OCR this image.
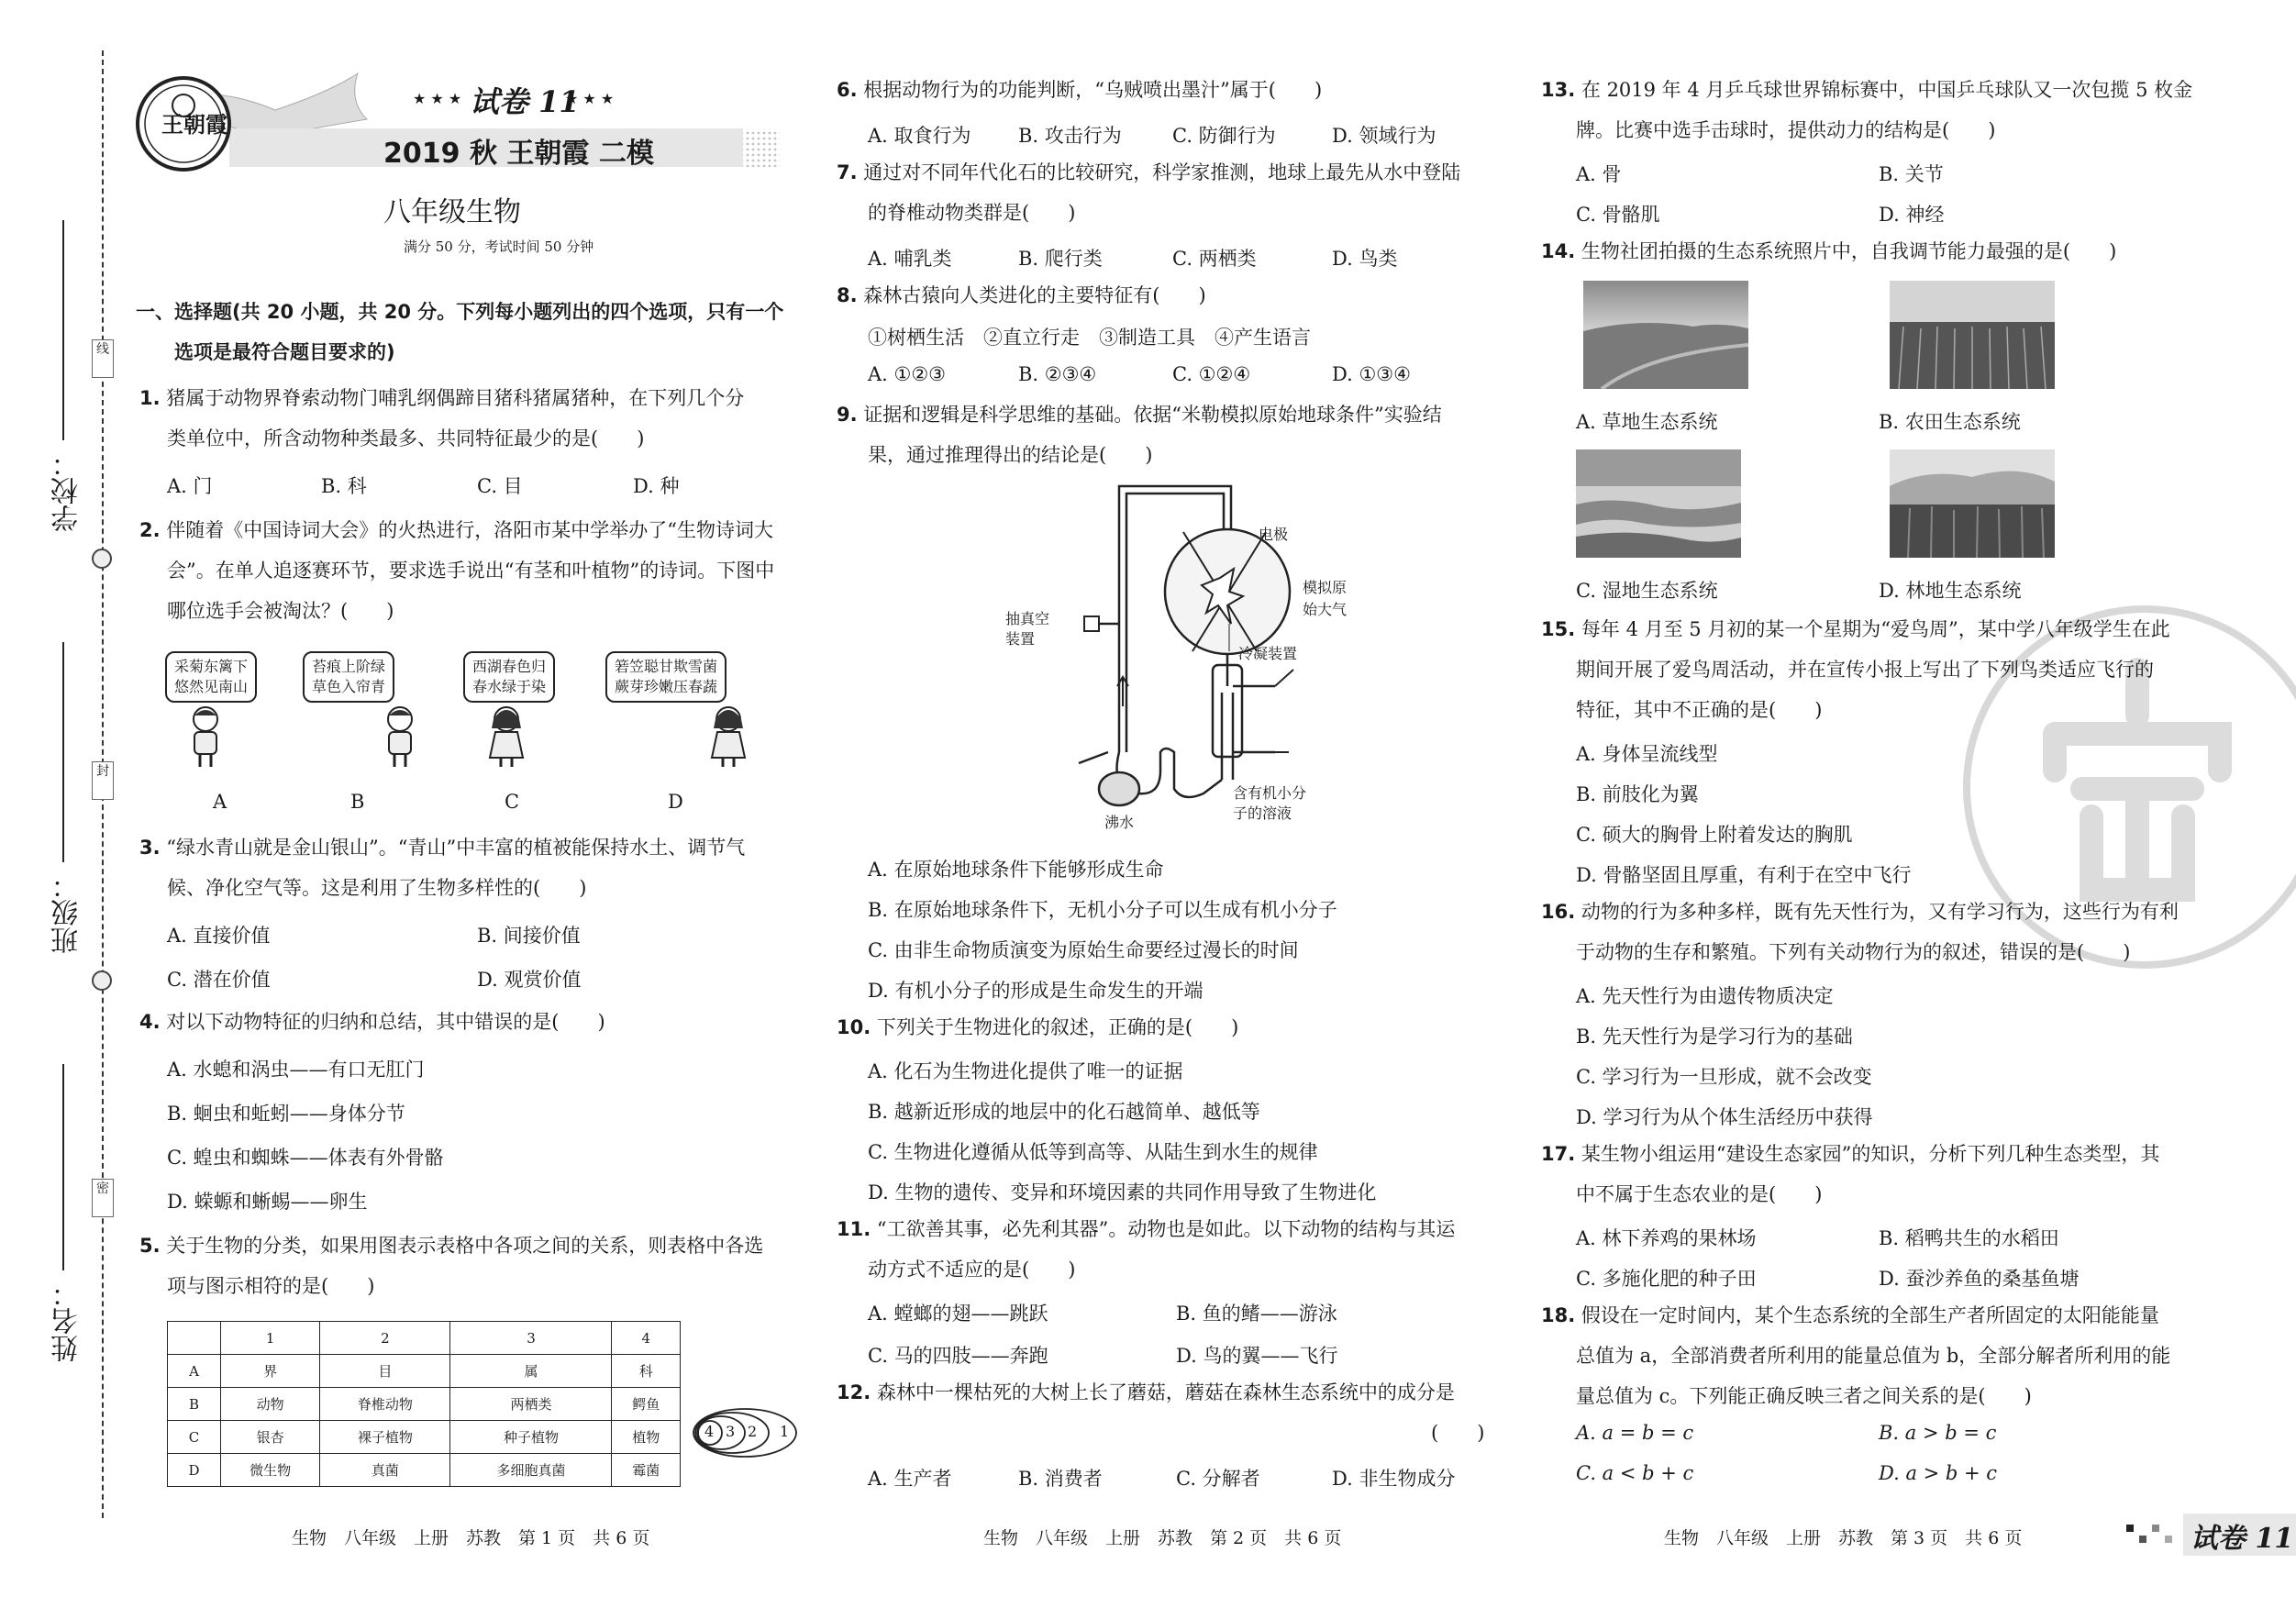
线
封
密
学校：
班级：
姓名：
王朝霞
★ ★ ★ 试卷 11
★ ★ ★
2019 秋 王朝霞 二模
八年级生物
满分 50 分，考试时间 50 分钟
一、选择题(共 20 小题，共 20 分。下列每小题列出的四个选项，只有一个
选项是最符合题目要求的)
1. 猪属于动物界脊索动物门哺乳纲偶蹄目猪科猪属猪种，在下列几个分
类单位中，所含动物种类最多、共同特征最少的是(　　)
A. 门	B. 科	C. 目	D. 种
2. 伴随着《中国诗词大会》的火热进行，洛阳市某中学举办了“生物诗词大
会”。在单人追逐赛环节，要求选手说出“有茎和叶植物”的诗词。下图中
哪位选手会被淘汰？(　　)
采菊东篱下
悠然见南山
苔痕上阶绿
草色入帘青
西湖春色归
春水绿于染
箬笠聪甘欺雪菌
蕨芽珍嫩压春蔬
A	B	C	D
3. “绿水青山就是金山银山”。“青山”中丰富的植被能保持水土、调节气
候、净化空气等。这是利用了生物多样性的(　　)
A. 直接价值	B. 间接价值
C. 潜在价值	D. 观赏价值
4. 对以下动物特征的归纳和总结，其中错误的是(　　)
A. 水螅和涡虫——有口无肛门
B. 蛔虫和蚯蚓——身体分节
C. 蝗虫和蜘蛛——体表有外骨骼
D. 蝾螈和蜥蜴——卵生
5. 关于生物的分类，如果用图表示表格中各项之间的关系，则表格中各选
项与图示相符的是(　　)
	1	2	3	4
A	界	目	属	科
B	动物	脊椎动物	两栖类	鳄鱼
C	银杏	裸子植物	种子植物	植物
D	微生物	真菌	多细胞真菌	霉菌
4 3 2 1
生物　八年级　上册　苏教　第 1 页　共 6 页
6. 根据动物行为的功能判断，“乌贼喷出墨汁”属于(　　)
A. 取食行为 B. 攻击行为	C. 防御行为	D. 领域行为
7. 通过对不同年代化石的比较研究，科学家推测，地球上最先从水中登陆
的脊椎动物类群是(　　)
A. 哺乳类	B. 爬行类	C. 两栖类	D. 鸟类
8. 森林古猿向人类进化的主要特征有(　　)
①树栖生活　②直立行走　③制造工具　④产生语言
A. ①②③	B. ②③④	C. ①②④	D. ①③④
9. 证据和逻辑是科学思维的基础。依据“米勒模拟原始地球条件”实验结
果，通过推理得出的结论是(　　)
电极
模拟原
始大气
抽真空
装置
冷凝装置
沸水
含有机小分
子的溶液
A. 在原始地球条件下能够形成生命
B. 在原始地球条件下，无机小分子可以生成有机小分子
C. 由非生命物质演变为原始生命要经过漫长的时间
D. 有机小分子的形成是生命发生的开端
10. 下列关于生物进化的叙述，正确的是(　　)
A. 化石为生物进化提供了唯一的证据
B. 越新近形成的地层中的化石越简单、越低等
C. 生物进化遵循从低等到高等、从陆生到水生的规律
D. 生物的遗传、变异和环境因素的共同作用导致了生物进化
11. “工欲善其事，必先利其器”。动物也是如此。以下动物的结构与其运
动方式不适应的是(　　)
A. 螳螂的翅——跳跃	B. 鱼的鳍——游泳
C. 马的四肢——奔跑	D. 鸟的翼——飞行
12. 森林中一棵枯死的大树上长了蘑菇，蘑菇在森林生态系统中的成分是
(　　)
A. 生产者	B. 消费者	C. 分解者	D. 非生物成分
生物　八年级　上册　苏教　第 2 页　共 6 页
13. 在 2019 年 4 月乒乓球世界锦标赛中，中国乒乓球队又一次包揽 5 枚金
牌。比赛中选手击球时，提供动力的结构是(　　)
A. 骨	B. 关节
C. 骨骼肌	D. 神经
14. 生物社团拍摄的生态系统照片中，自我调节能力最强的是(　　)
A. 草地生态系统	B. 农田生态系统
C. 湿地生态系统	D. 林地生态系统
15. 每年 4 月至 5 月初的某一个星期为“爱鸟周”，某中学八年级学生在此
期间开展了爱鸟周活动，并在宣传小报上写出了下列鸟类适应飞行的
特征，其中不正确的是(　　)
A. 身体呈流线型
B. 前肢化为翼
C. 硕大的胸骨上附着发达的胸肌
D. 骨骼坚固且厚重，有利于在空中飞行
16. 动物的行为多种多样，既有先天性行为，又有学习行为，这些行为有利
于动物的生存和繁殖。下列有关动物行为的叙述，错误的是(　　)
A. 先天性行为由遗传物质决定
B. 先天性行为是学习行为的基础
C. 学习行为一旦形成，就不会改变
D. 学习行为从个体生活经历中获得
17. 某生物小组运用“建设生态家园”的知识，分析下列几种生态类型，其
中不属于生态农业的是(　　)
A. 林下养鸡的果林场	B. 稻鸭共生的水稻田
C. 多施化肥的种子田	D. 蚕沙养鱼的桑基鱼塘
18. 假设在一定时间内，某个生态系统的全部生产者所固定的太阳能能量
总值为 a，全部消费者所利用的能量总值为 b，全部分解者所利用的能
量总值为 c。下列能正确反映三者之间关系的是(　　)
A. a = b = c	B. a > b = c
C. a < b + c	D. a > b + c
生物　八年级　上册　苏教　第 3 页　共 6 页	试卷 11
